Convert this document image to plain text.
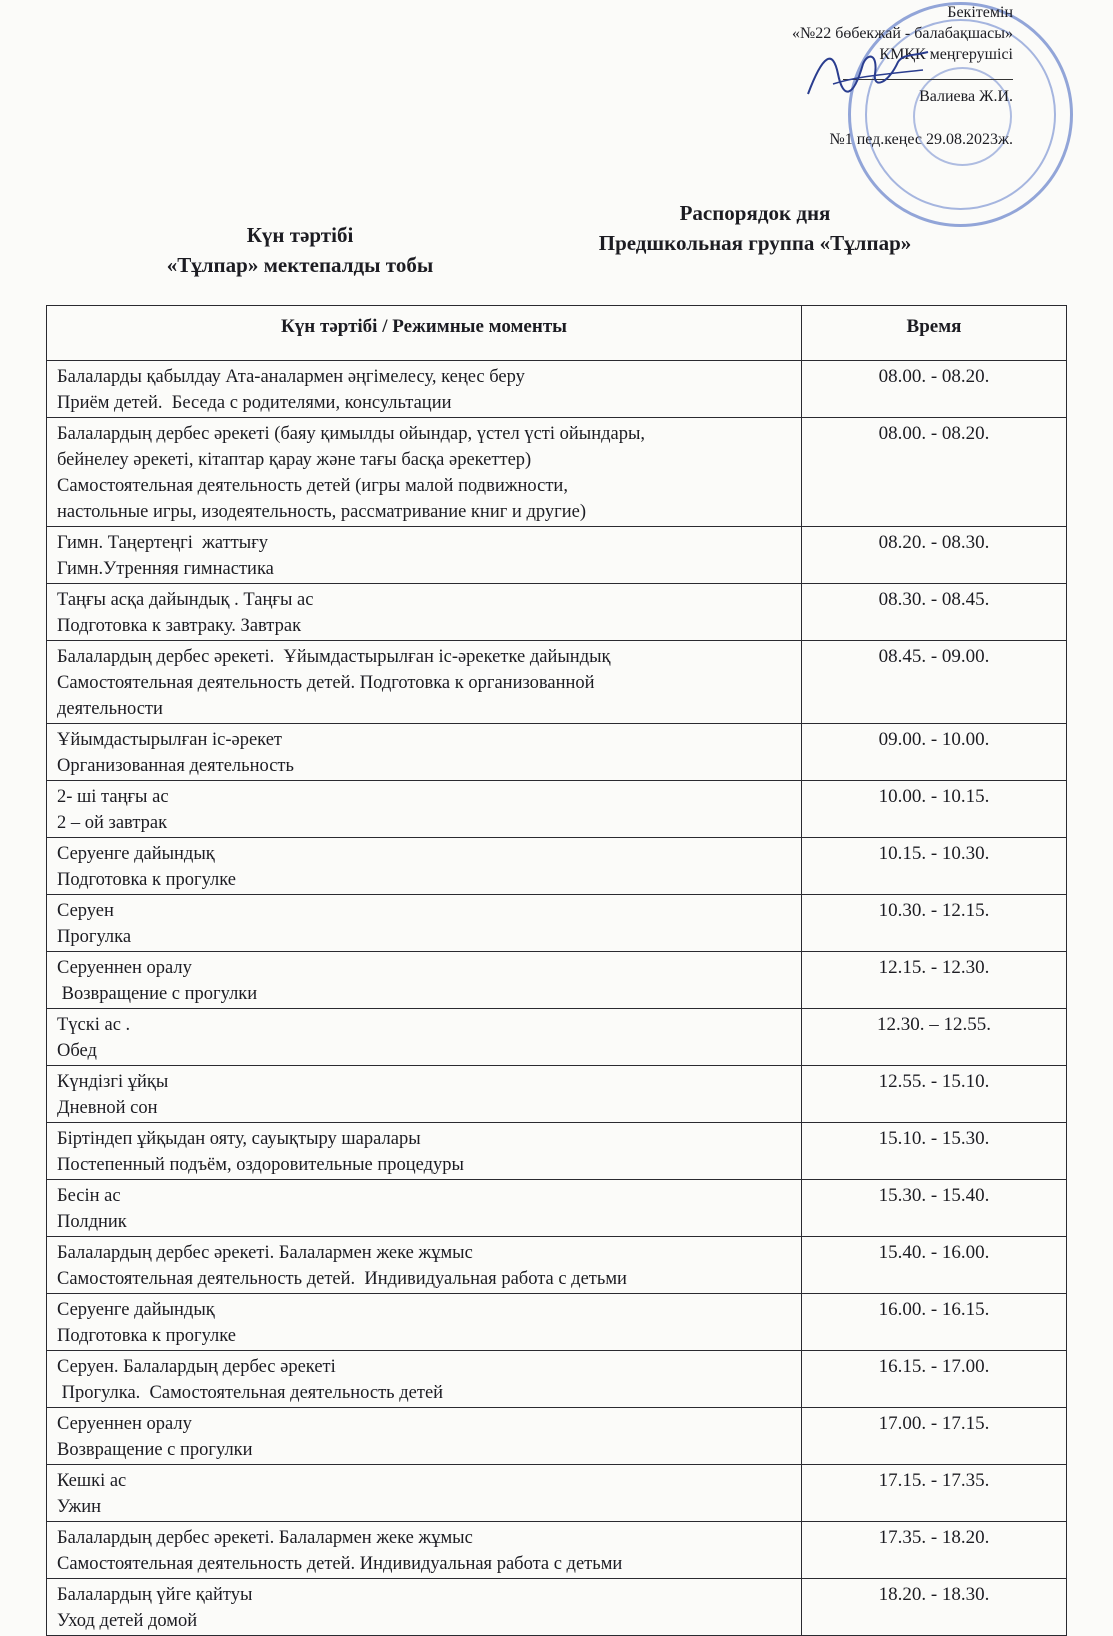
Бекітемін
«№22 бөбекжай - балабақшасы»
КМҚК меңгерушісі
Валиева Ж.И.
№1 пед.кеңес 29.08.2023ж.
Күн тәртібі
«Тұлпар» мектепалды тобы
Распорядок дня
Предшкольная группа «Тұлпар»
Күн тәртібі / Режимные моменты	Время

Балаларды қабылдау Ата-аналармен әңгімелесу, кеңес беру
Приём детей.  Беседа с родителями, консультации	08.00. - 08.20.

Балалардың дербес әрекеті (баяу қимылды ойындар, үстел үсті ойындары,
бейнелеу әрекеті, кітаптар қарау және тағы басқа әрекеттер)
Самостоятельная деятельность детей (игры малой подвижности,
настольные игры, изодеятельность, рассматривание книг и другие)	08.00. - 08.20.

Гимн. Таңертеңгі  жаттығу
Гимн.Утренняя гимнастика	08.20. - 08.30.

Таңғы асқа дайындық . Таңғы ас
Подготовка к завтраку. Завтрак	08.30. - 08.45.

Балалардың дербес әрекеті.  Ұйымдастырылған іс-әрекетке дайындық
Самостоятельная деятельность детей. Подготовка к организованной
деятельности	08.45. - 09.00.

Ұйымдастырылған іс-әрекет
Организованная деятельность	09.00. - 10.00.

2- ші таңғы ас
2 – ой завтрак	10.00. - 10.15.

Серуенге дайындық
Подготовка к прогулке	10.15. - 10.30.

Серуен
Прогулка	10.30. - 12.15.

Серуеннен оралу
Возвращение с прогулки	12.15. - 12.30.

Түскі ас .
Обед	12.30. – 12.55.

Күндізгі ұйқы
Дневной сон	12.55. - 15.10.

Біртіндеп ұйқыдан ояту, сауықтыру шаралары
Постепенный подъём, оздоровительные процедуры	15.10. - 15.30.

Бесін ас
Полдник	15.30. - 15.40.

Балалардың дербес әрекеті. Балалармен жеке жұмыс
Самостоятельная деятельность детей.  Индивидуальная работа с детьми	15.40. - 16.00.

Серуенге дайындық
Подготовка к прогулке	16.00. - 16.15.

Серуен. Балалардың дербес әрекеті
Прогулка.  Самостоятельная деятельность детей	16.15. - 17.00.

Серуеннен оралу
Возвращение с прогулки	17.00. - 17.15.

Кешкі ас
Ужин	17.15. - 17.35.

Балалардың дербес әрекеті. Балалармен жеке жұмыс
Самостоятельная деятельность детей. Индивидуальная работа с детьми	17.35. - 18.20.

Балалардың үйге қайтуы
Уход детей домой	18.20. - 18.30.
